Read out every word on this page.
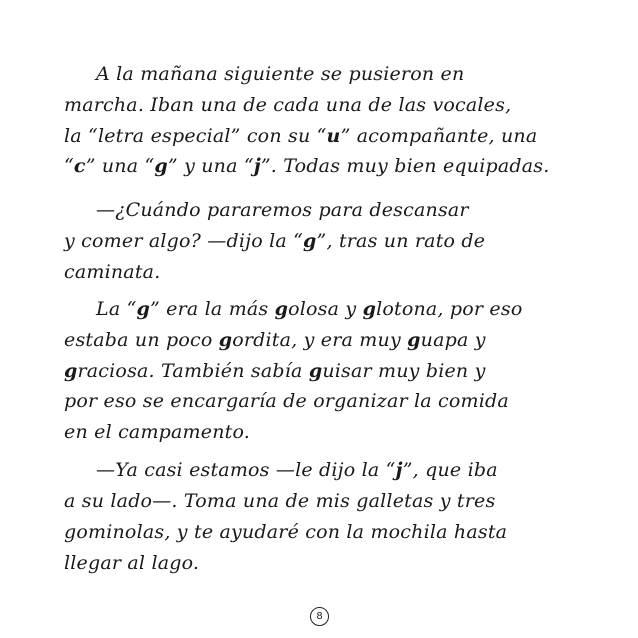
A la mañana siguiente se pusieron en
marcha. Iban una de cada una de las vocales,
la “letra especial” con su “u” acompañante, una
“c” una “g” y una “j”. Todas muy bien equipadas.
—¿Cuándo pararemos para descansar
y comer algo? —dijo la “g”, tras un rato de
caminata.
La “g” era la más golosa y glotona, por eso
estaba un poco gordita, y era muy guapa y
graciosa. También sabía guisar muy bien y
por eso se encargaría de organizar la comida
en el campamento.
—Ya casi estamos —le dijo la “j”, que iba
a su lado—. Toma una de mis galletas y tres
gominolas, y te ayudaré con la mochila hasta
llegar al lago.
8
